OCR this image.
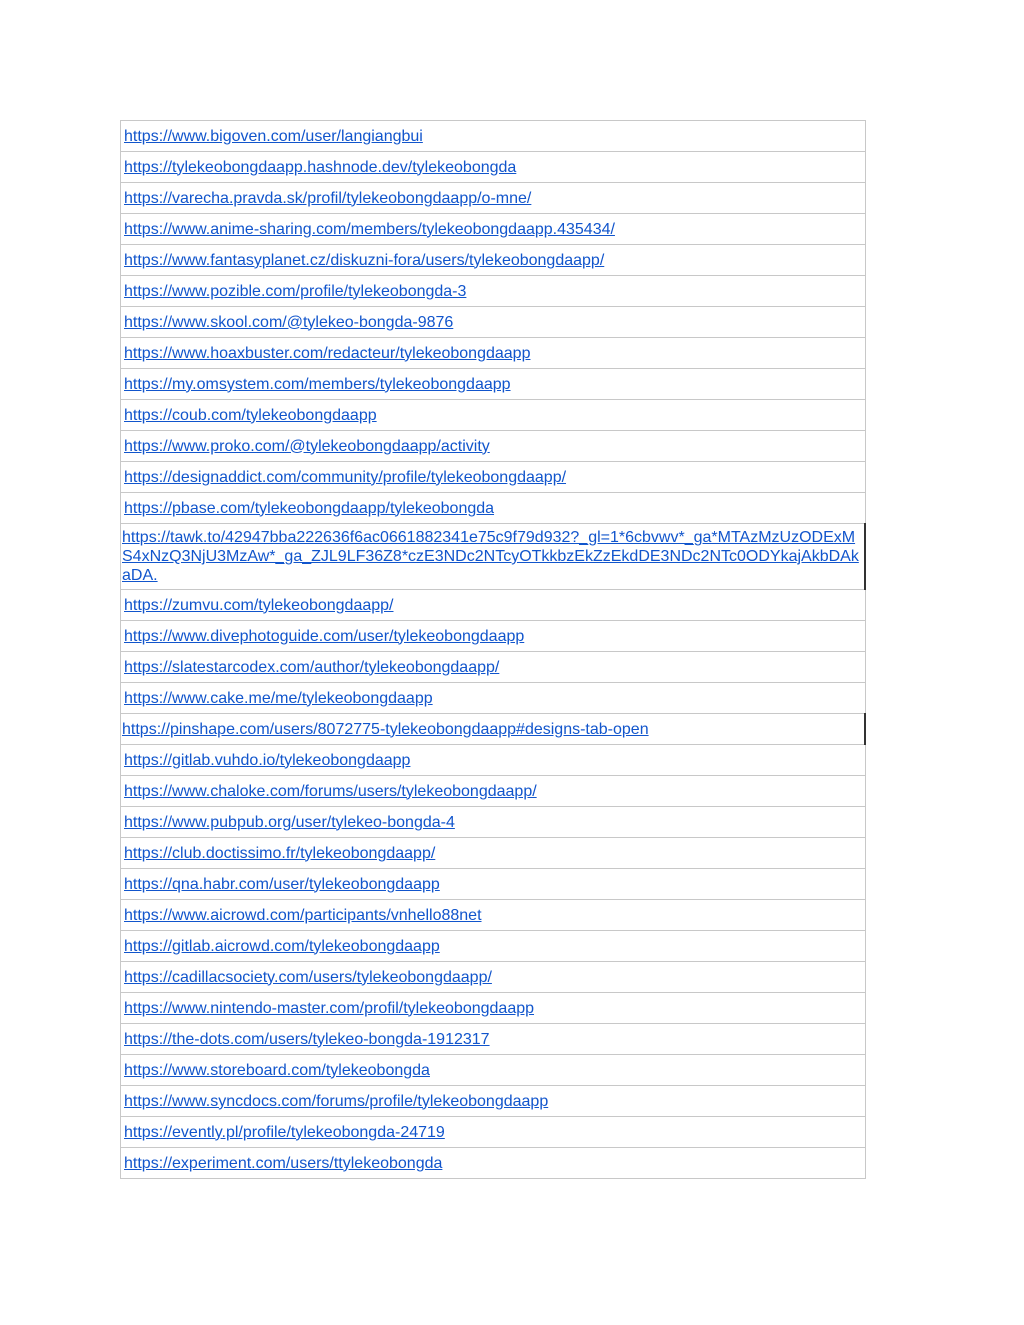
https://www.bigoven.com/user/langiangbui
https://tylekeobongdaapp.hashnode.dev/tylekeobongda
https://varecha.pravda.sk/profil/tylekeobongdaapp/o-mne/
https://www.anime-sharing.com/members/tylekeobongdaapp.435434/
https://www.fantasyplanet.cz/diskuzni-fora/users/tylekeobongdaapp/
https://www.pozible.com/profile/tylekeobongda-3
https://www.skool.com/@tylekeo-bongda-9876
https://www.hoaxbuster.com/redacteur/tylekeobongdaapp
https://my.omsystem.com/members/tylekeobongdaapp
https://coub.com/tylekeobongdaapp
https://www.proko.com/@tylekeobongdaapp/activity
https://designaddict.com/community/profile/tylekeobongdaapp/
https://pbase.com/tylekeobongdaapp/tylekeobongda
https://tawk.to/42947bba222636f6ac0661882341e75c9f79d932?_gl=1*6cbvwv*_ga*MTAzMzUzODExMS4xNzQ3NjU3MzAw*_ga_ZJL9LF36Z8*czE3NDc2NTcyOTkkbzEkZzEkdDE3NDc2NTc0ODYkajAkbDAkaDA.
https://zumvu.com/tylekeobongdaapp/
https://www.divephotoguide.com/user/tylekeobongdaapp
https://slatestarcodex.com/author/tylekeobongdaapp/
https://www.cake.me/me/tylekeobongdaapp
https://pinshape.com/users/8072775-tylekeobongdaapp#designs-tab-open
https://gitlab.vuhdo.io/tylekeobongdaapp
https://www.chaloke.com/forums/users/tylekeobongdaapp/
https://www.pubpub.org/user/tylekeo-bongda-4
https://club.doctissimo.fr/tylekeobongdaapp/
https://qna.habr.com/user/tylekeobongdaapp
https://www.aicrowd.com/participants/vnhello88net
https://gitlab.aicrowd.com/tylekeobongdaapp
https://cadillacsociety.com/users/tylekeobongdaapp/
https://www.nintendo-master.com/profil/tylekeobongdaapp
https://the-dots.com/users/tylekeo-bongda-1912317
https://www.storeboard.com/tylekeobongda
https://www.syncdocs.com/forums/profile/tylekeobongdaapp
https://evently.pl/profile/tylekeobongda-24719
https://experiment.com/users/ttylekeobongda
